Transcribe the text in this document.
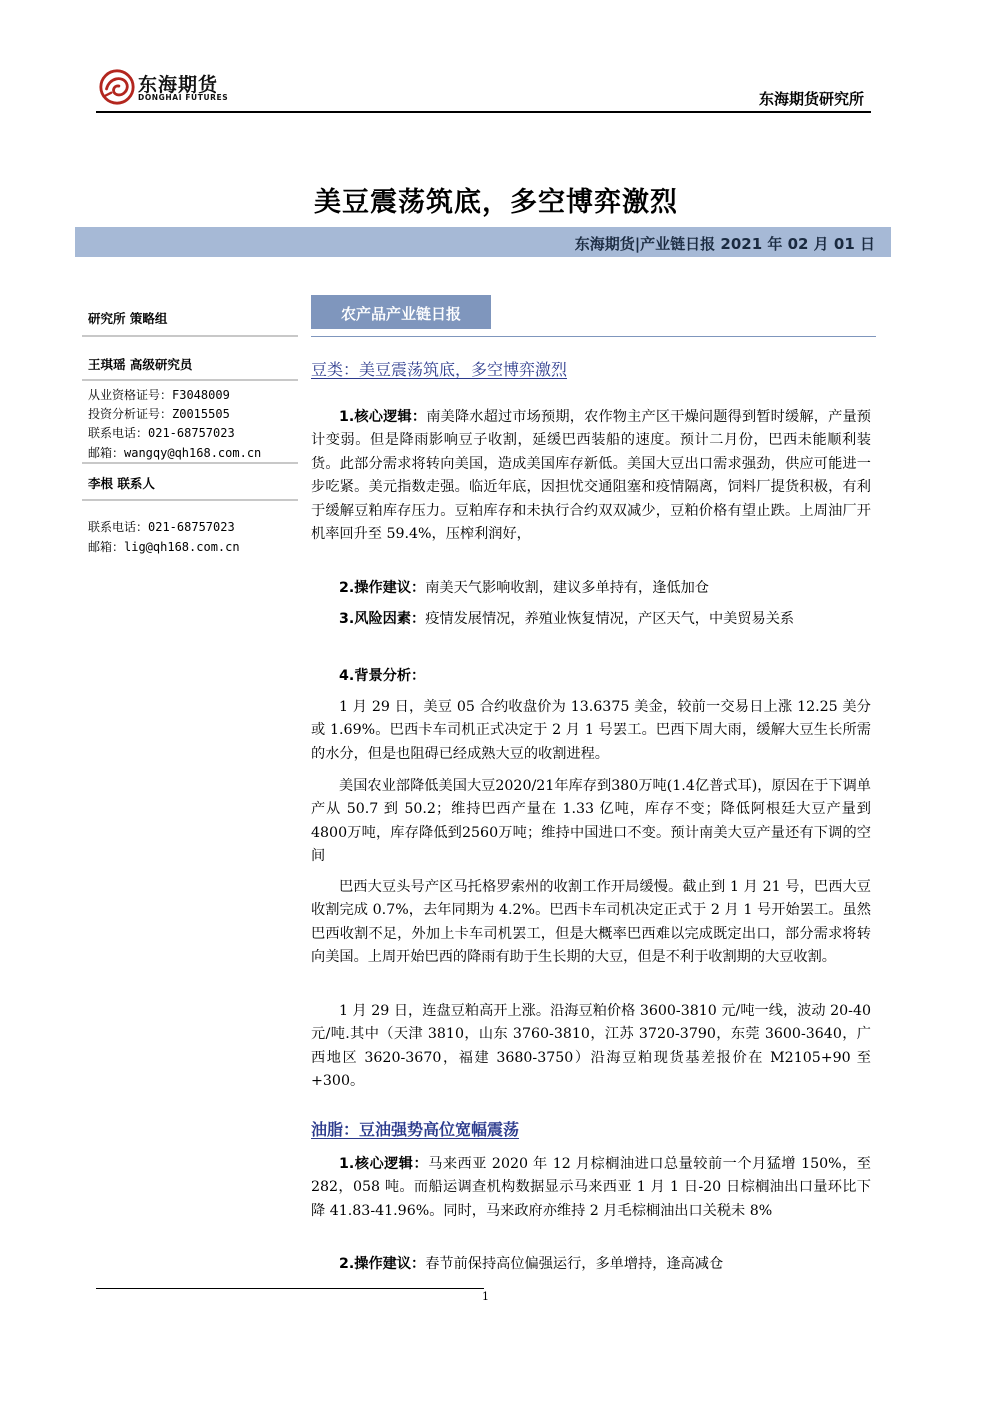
东海期货
DONGHAI FUTURES	东海期货研究所
美豆震荡筑底，多空博弈激烈
东海期货|产业链日报 2021 年 02 月 01 日
研究所 策略组
王琪瑶 高级研究员
从业资格证号：F3048009
投资分析证号：Z0015505
联系电话：021-68757023
邮箱：wangqy@qh168.com.cn
李根 联系人
联系电话：021-68757023
邮箱：lig@qh168.com.cn
农产品产业链日报
豆类：美豆震荡筑底，多空博弈激烈
1.核心逻辑：南美降水超过市场预期，农作物主产区干燥问题得到暂时缓解，产量预计变弱。但是降雨影响豆子收割，延缓巴西装船的速度。预计二月份，巴西未能顺利装货。此部分需求将转向美国，造成美国库存新低。美国大豆出口需求强劲，供应可能进一步吃紧。美元指数走强。临近年底，因担忧交通阻塞和疫情隔离，饲料厂提货积极，有利于缓解豆粕库存压力。豆粕库存和未执行合约双双减少，豆粕价格有望止跌。上周油厂开机率回升至 59.4%，压榨利润好，
2.操作建议：南美天气影响收割，建议多单持有，逢低加仓
3.风险因素：疫情发展情况，养殖业恢复情况，产区天气，中美贸易关系
4.背景分析：
1 月 29 日，美豆 05 合约收盘价为 13.6375 美金，较前一交易日上涨 12.25 美分或 1.69%。巴西卡车司机正式决定于 2 月 1 号罢工。巴西下周大雨，缓解大豆生长所需的水分，但是也阻碍已经成熟大豆的收割进程。
美国农业部降低美国大豆2020/21年库存到380万吨(1.4亿普式耳)，原因在于下调单产从 50.7 到 50.2；维持巴西产量在 1.33 亿吨，库存不变；降低阿根廷大豆产量到4800万吨，库存降低到2560万吨；维持中国进口不变。预计南美大豆产量还有下调的空间
巴西大豆头号产区马托格罗索州的收割工作开局缓慢。截止到 1 月 21 号，巴西大豆收割完成 0.7%，去年同期为 4.2%。巴西卡车司机决定正式于 2 月 1 号开始罢工。虽然巴西收割不足，外加上卡车司机罢工，但是大概率巴西难以完成既定出口，部分需求将转向美国。上周开始巴西的降雨有助于生长期的大豆，但是不利于收割期的大豆收割。
1 月 29 日，连盘豆粕高开上涨。沿海豆粕价格 3600-3810 元/吨一线，波动 20-40 元/吨.其中（天津 3810，山东 3760-3810，江苏 3720-3790，东莞 3600-3640，广西地区 3620-3670，福建 3680-3750）沿海豆粕现货基差报价在 M2105+90 至+300。
油脂：豆油强势高位宽幅震荡
1.核心逻辑：马来西亚 2020 年 12 月棕榈油进口总量较前一个月猛增 150%，至 282，058 吨。而船运调查机构数据显示马来西亚 1 月 1 日-20 日棕榈油出口量环比下降 41.83-41.96%。同时，马来政府亦维持 2 月毛棕榈油出口关税未 8%
2.操作建议：春节前保持高位偏强运行，多单增持，逢高减仓
1
